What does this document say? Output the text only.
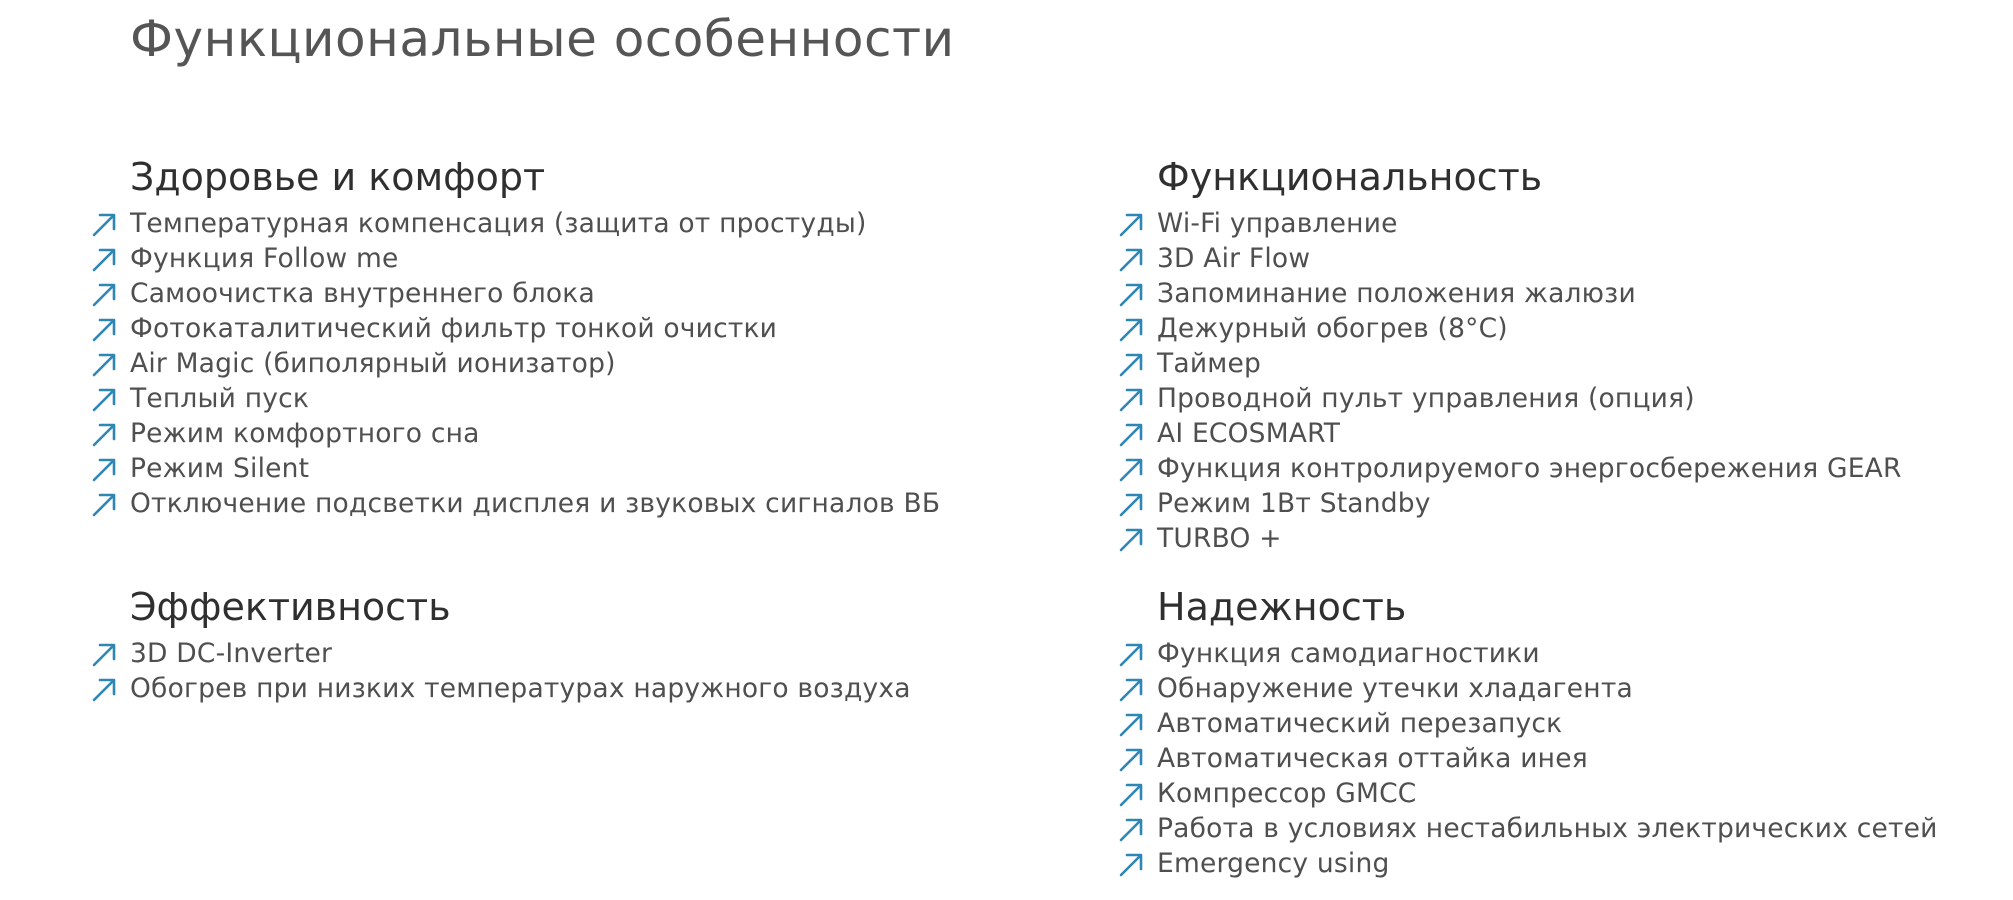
Функциональные особенности
Здоровье и комфорт
Температурная компенсация (защита от простуды)
Функция Follow me
Самоочистка внутреннего блока
Фотокаталитический фильтр тонкой очистки
Air Magic (биполярный ионизатор)
Теплый пуск
Режим комфортного сна
Режим Silent
Отключение подсветки дисплея и звуковых сигналов ВБ
Функциональность
Wi-Fi управление
3D Air Flow
Запоминание положения жалюзи
Дежурный обогрев (8°С)
Таймер
Проводной пульт управления (опция)
AI ECOSMART
Функция контролируемого энергосбережения GEAR
Режим 1Вт Standby
TURBO +
Эффективность
3D DC-Inverter
Обогрев при низких температурах наружного воздуха
Надежность
Функция самодиагностики
Обнаружение утечки хладагента
Автоматический перезапуск
Автоматическая оттайка инея
Компрессор GMCC
Работа в условиях нестабильных электрических сетей
Emergency using
